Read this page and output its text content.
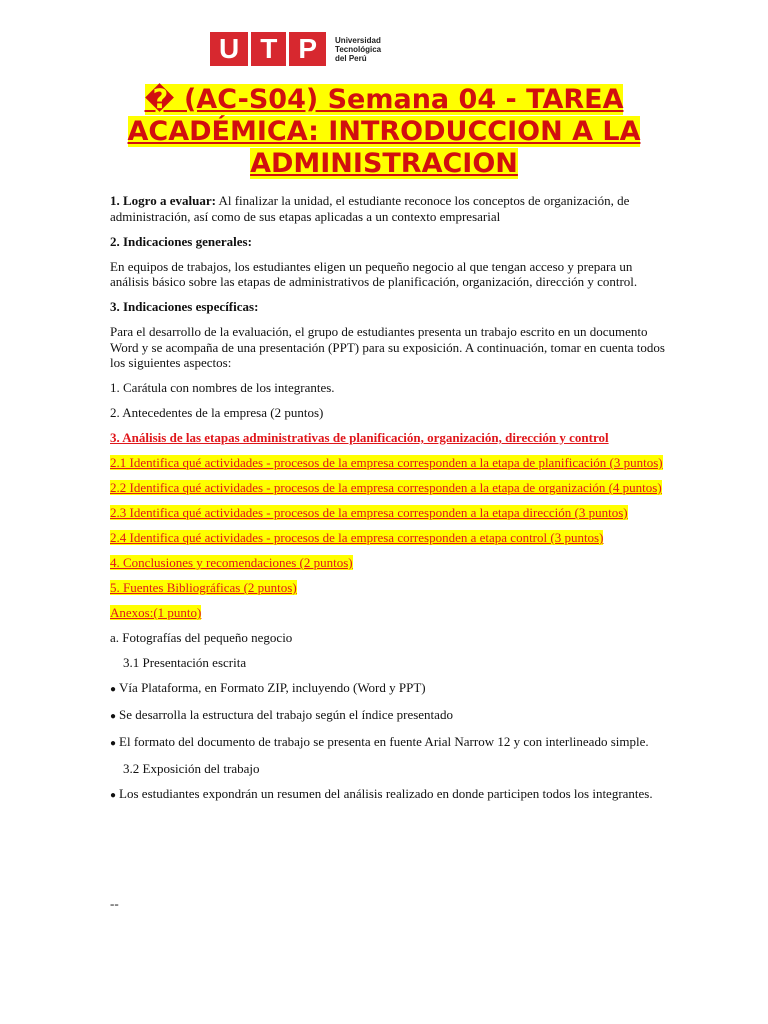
U T P	Universidad
Tecnológica
del Perú
� (AC-S04) Semana 04 - TAREA ACADÉMICA: INTRODUCCION A LA ADMINISTRACION

1. Logro a evaluar: Al finalizar la unidad, el estudiante reconoce los conceptos de organización, de administración, así como de sus etapas aplicadas a un contexto empresarial

2. Indicaciones generales:

En equipos de trabajos, los estudiantes eligen un pequeño negocio al que tengan acceso y prepara un análisis básico sobre las etapas de administrativos de planificación, organización, dirección y control.

3. Indicaciones específicas:

Para el desarrollo de la evaluación, el grupo de estudiantes presenta un trabajo escrito en un documento Word y se acompaña de una presentación (PPT) para su exposición. A continuación, tomar en cuenta todos los siguientes aspectos:

1. Carátula con nombres de los integrantes.

2. Antecedentes de la empresa (2 puntos)

3. Análisis de las etapas administrativas de planificación, organización, dirección y control

2.1 Identifica qué actividades - procesos de la empresa corresponden a la etapa de planificación (3 puntos)

2.2 Identifica qué actividades - procesos de la empresa corresponden a la etapa de organización (4 puntos)

2.3 Identifica qué actividades - procesos de la empresa corresponden a la etapa dirección (3 puntos)

2.4 Identifica qué actividades - procesos de la empresa corresponden a etapa control (3 puntos)

4. Conclusiones y recomendaciones (2 puntos)

5. Fuentes Bibliográficas (2 puntos)

Anexos:(1 punto)

a. Fotografías del pequeño negocio

3.1 Presentación escrita

● Vía Plataforma, en Formato ZIP, incluyendo (Word y PPT)

● Se desarrolla la estructura del trabajo según el índice presentado

● El formato del documento de trabajo se presenta en fuente Arial Narrow 12 y con interlineado simple.

3.2 Exposición del trabajo

● Los estudiantes expondrán un resumen del análisis realizado en donde participen todos los integrantes.

--
